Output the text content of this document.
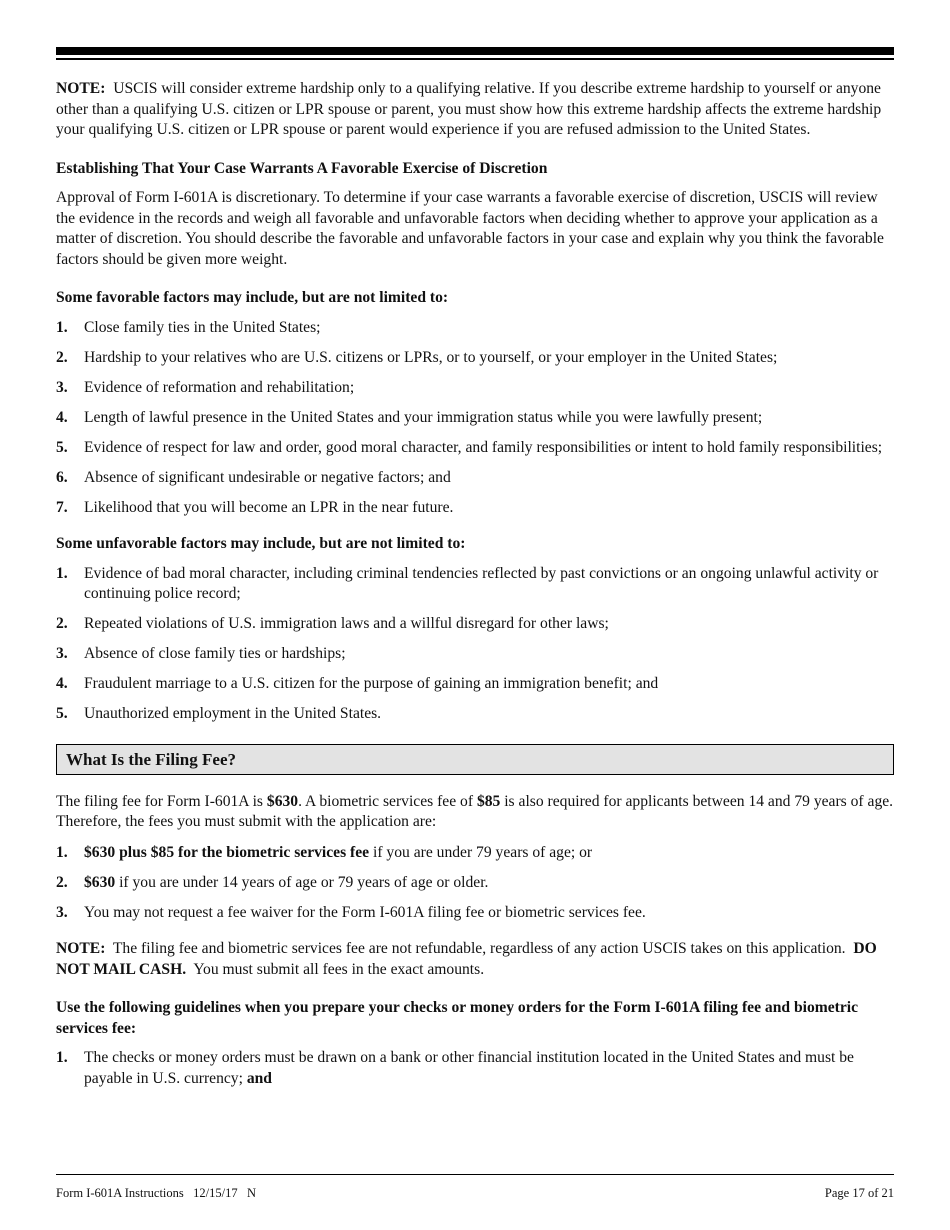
NOTE: USCIS will consider extreme hardship only to a qualifying relative. If you describe extreme hardship to yourself or anyone other than a qualifying U.S. citizen or LPR spouse or parent, you must show how this extreme hardship affects the extreme hardship your qualifying U.S. citizen or LPR spouse or parent would experience if you are refused admission to the United States.

Establishing That Your Case Warrants A Favorable Exercise of Discretion

Approval of Form I-601A is discretionary. To determine if your case warrants a favorable exercise of discretion, USCIS will review the evidence in the records and weigh all favorable and unfavorable factors when deciding whether to approve your application as a matter of discretion. You should describe the favorable and unfavorable factors in your case and explain why you think the favorable factors should be given more weight.

Some favorable factors may include, but are not limited to:

1. Close family ties in the United States;
2. Hardship to your relatives who are U.S. citizens or LPRs, or to yourself, or your employer in the United States;
3. Evidence of reformation and rehabilitation;
4. Length of lawful presence in the United States and your immigration status while you were lawfully present;
5. Evidence of respect for law and order, good moral character, and family responsibilities or intent to hold family responsibilities;
6. Absence of significant undesirable or negative factors; and
7. Likelihood that you will become an LPR in the near future.

Some unfavorable factors may include, but are not limited to:

1. Evidence of bad moral character, including criminal tendencies reflected by past convictions or an ongoing unlawful activity or continuing police record;
2. Repeated violations of U.S. immigration laws and a willful disregard for other laws;
3. Absence of close family ties or hardships;
4. Fraudulent marriage to a U.S. citizen for the purpose of gaining an immigration benefit; and
5. Unauthorized employment in the United States.
What Is the Filing Fee?

The filing fee for Form I-601A is $630. A biometric services fee of $85 is also required for applicants between 14 and 79 years of age. Therefore, the fees you must submit with the application are:

1. $630 plus $85 for the biometric services fee if you are under 79 years of age; or
2. $630 if you are under 14 years of age or 79 years of age or older.
3. You may not request a fee waiver for the Form I-601A filing fee or biometric services fee.

NOTE:  The filing fee and biometric services fee are not refundable, regardless of any action USCIS takes on this application.  DO NOT MAIL CASH.  You must submit all fees in the exact amounts.

Use the following guidelines when you prepare your checks or money orders for the Form I-601A filing fee and biometric services fee:

1. The checks or money orders must be drawn on a bank or other financial institution located in the United States and must be payable in U.S. currency; and
Form I-601A Instructions   12/15/17   N	Page 17 of 21
